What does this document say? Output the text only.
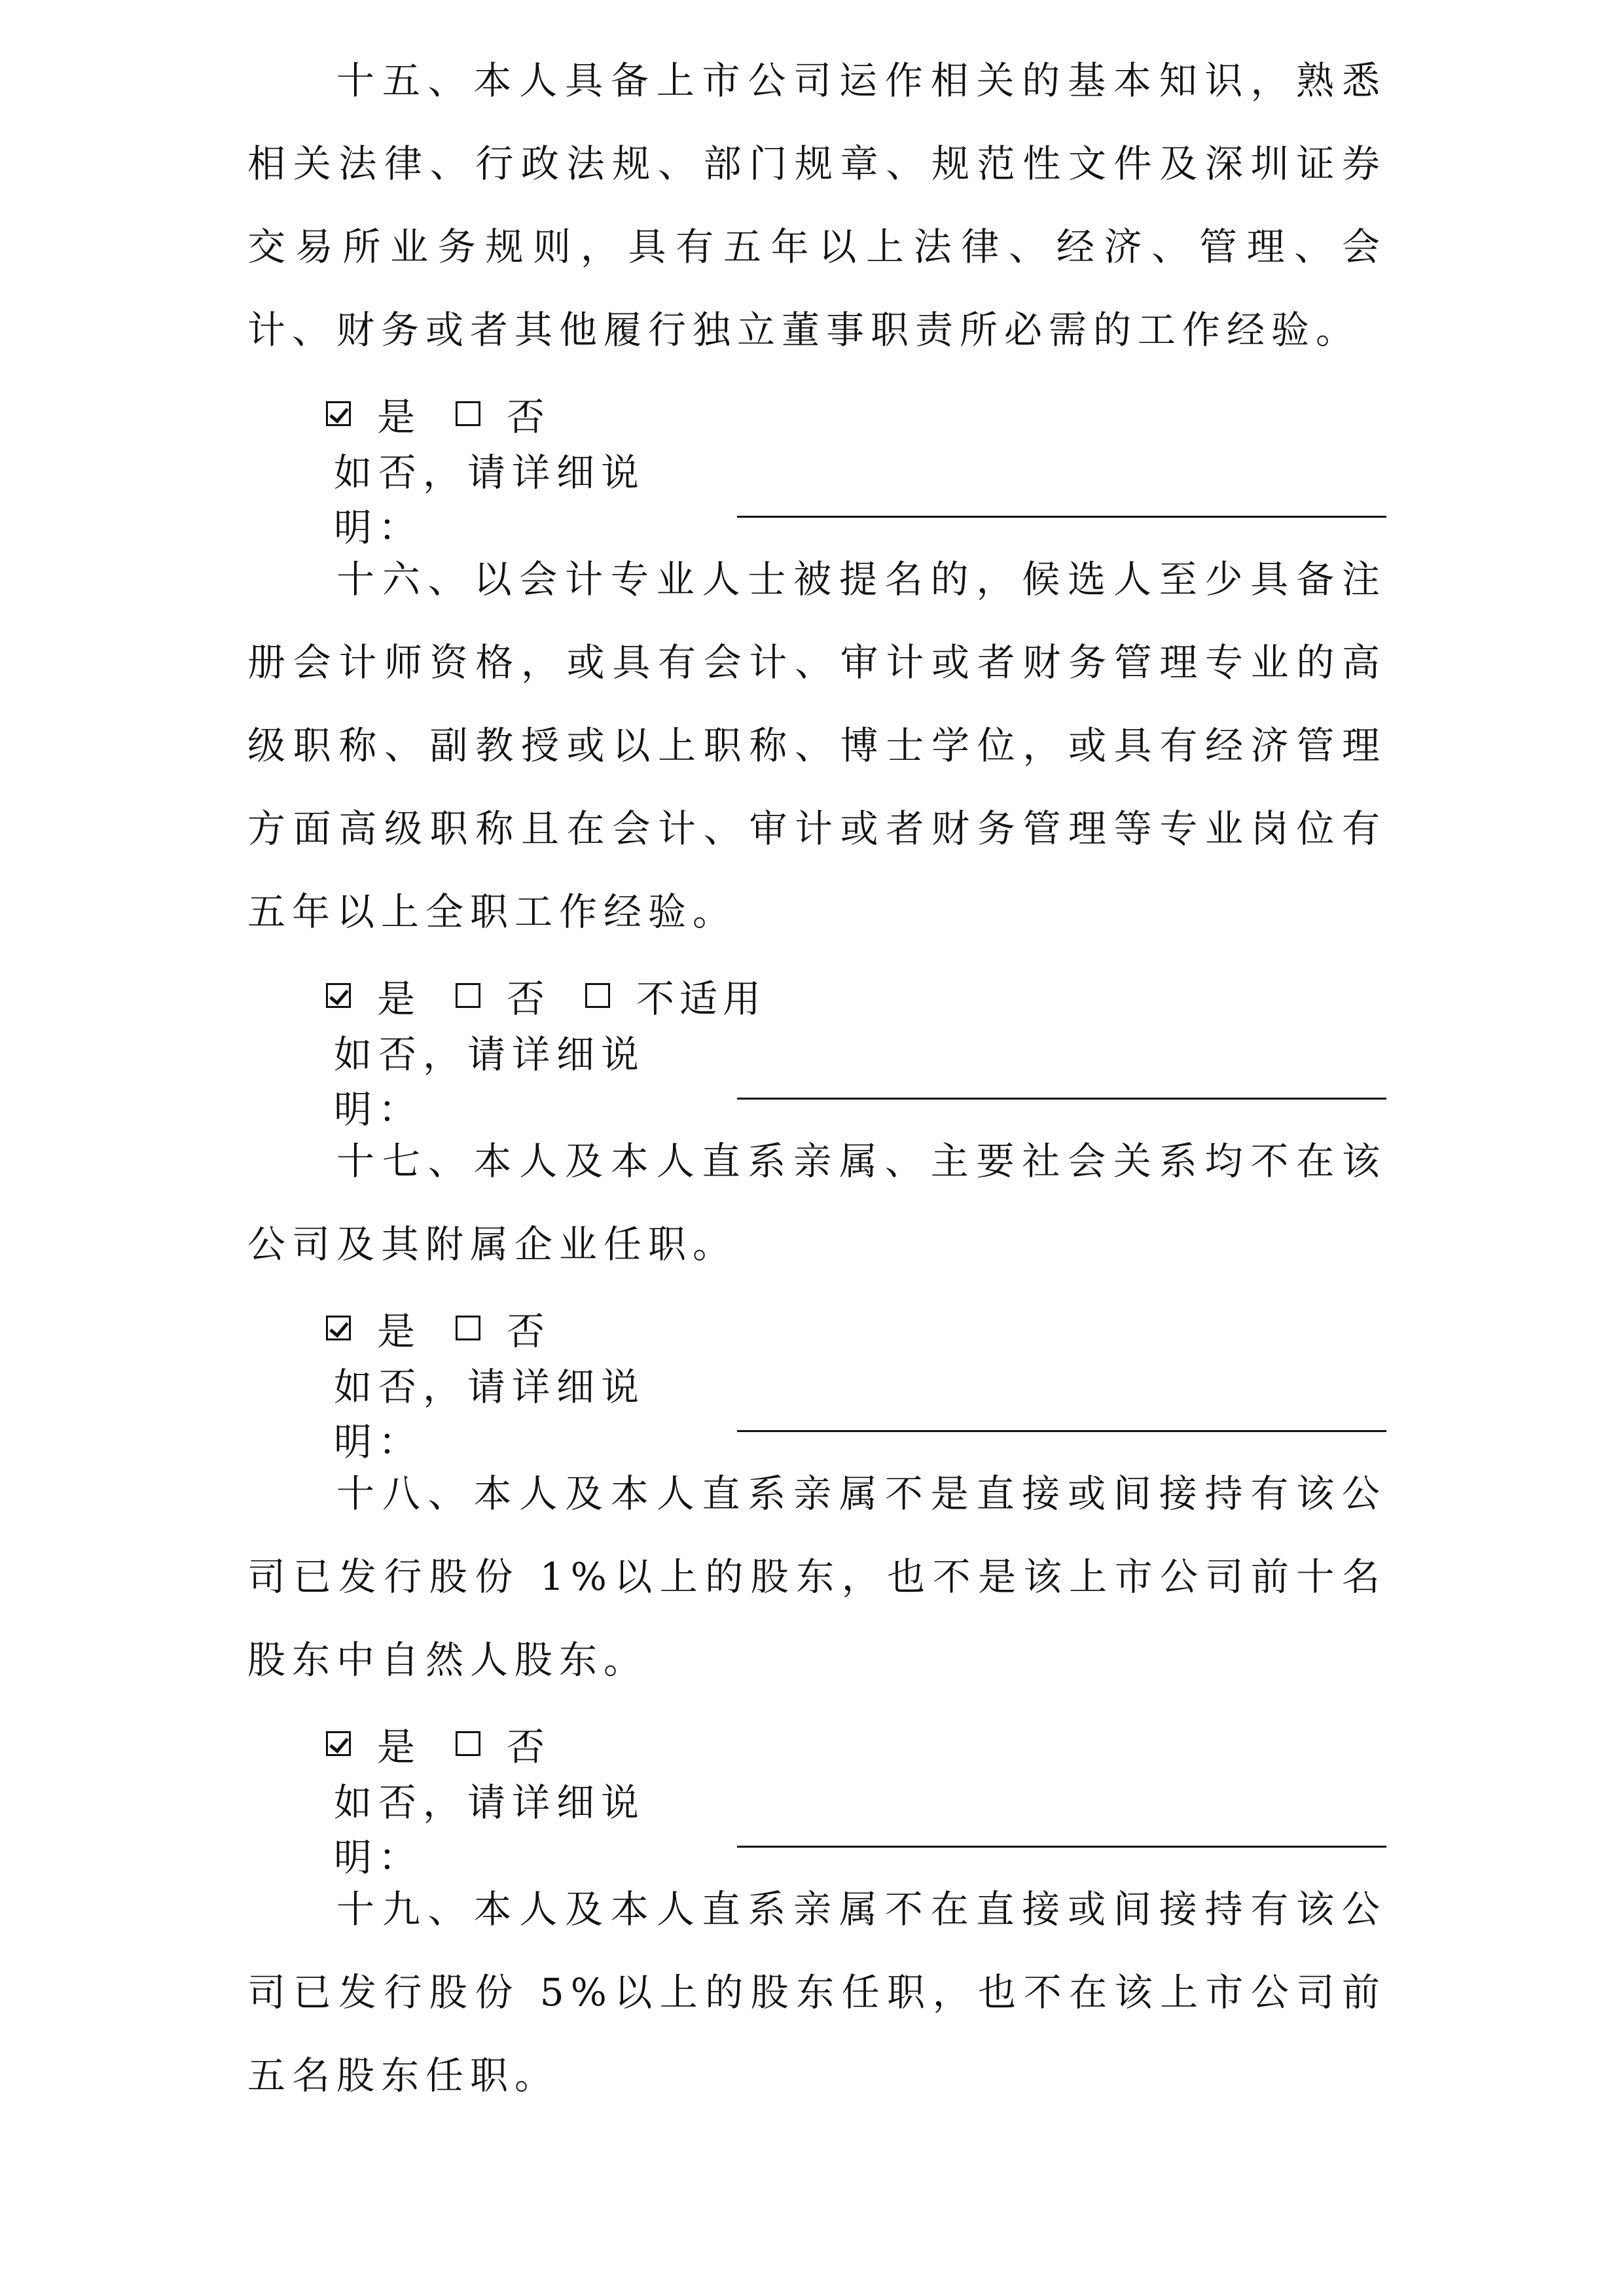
十五、本人具备上市公司运作相关的基本知识，熟悉相关法律、行政法规、部门规章、规范性文件及深圳证券交易所业务规则，具有五年以上法律、经济、管理、会计、财务或者其他履行独立董事职责所必需的工作经验。

是 否
如否，请详细说明：

十六、以会计专业人士被提名的，候选人至少具备注册会计师资格，或具有会计、审计或者财务管理专业的高级职称、副教授或以上职称、博士学位，或具有经济管理方面高级职称且在会计、审计或者财务管理等专业岗位有五年以上全职工作经验。

是 否 不适用
如否，请详细说明：

十七、本人及本人直系亲属、主要社会关系均不在该公司及其附属企业任职。

是 否
如否，请详细说明：

十八、本人及本人直系亲属不是直接或间接持有该公司已发行股份 1%以上的股东，也不是该上市公司前十名股东中自然人股东。

是 否
如否，请详细说明：

十九、本人及本人直系亲属不在直接或间接持有该公司已发行股份 5%以上的股东任职，也不在该上市公司前五名股东任职。
